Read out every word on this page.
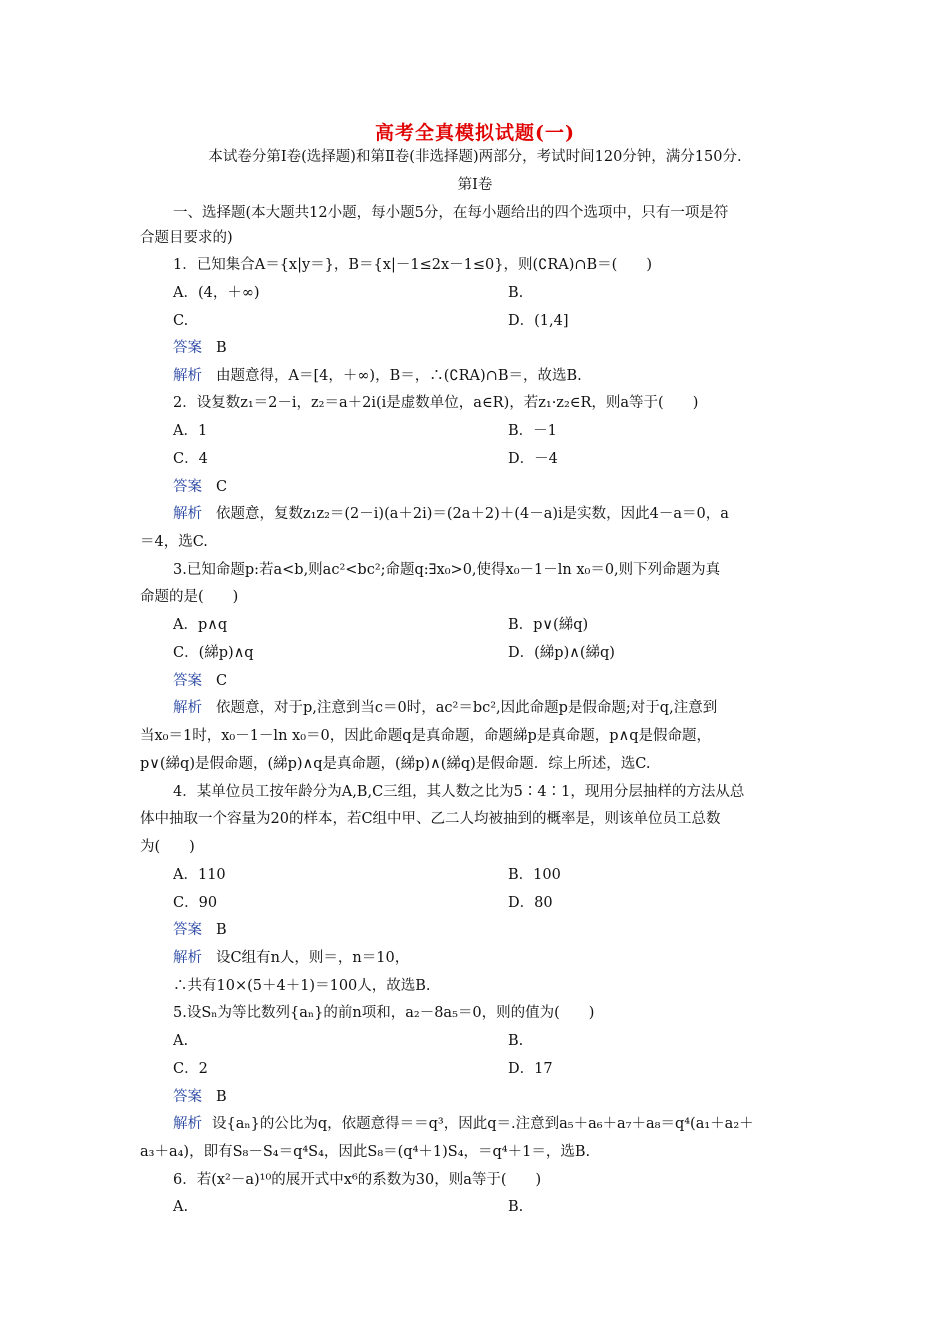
高考全真模拟试题(一)
本试卷分第Ⅰ卷(选择题)和第Ⅱ卷(非选择题)两部分，考试时间120分钟，满分150分.
第Ⅰ卷
一、选择题(本大题共12小题，每小题5分，在每小题给出的四个选项中，只有一项是符
合题目要求的)
1．已知集合A＝{x|y＝}，B＝{x|－1≤2x－1≤0}，则(∁RA)∩B＝(　　)
A．(4，＋∞)	B.
C.	D．(1,4]
答案 B
解析 由题意得，A＝[4，＋∞)，B＝，∴(∁RA)∩B＝，故选B.
2．设复数z₁＝2－i，z₂＝a＋2i(i是虚数单位，a∈R)，若z₁·z₂∈R，则a等于(　　)
A．1	B．－1
C．4	D．－4
答案 C
解析 依题意，复数z₁z₂＝(2－i)(a＋2i)＝(2a＋2)＋(4－a)i是实数，因此4－a＝0，a
＝4，选C.
3.已知命题p:若a<b,则ac²<bc²;命题q:∃x₀>0,使得x₀－1－ln x₀＝0,则下列命题为真
命题的是(　　)
A．p∧q	B．p∨(綈q)
C．(綈p)∧q	D．(綈p)∧(綈q)
答案 C
解析 依题意，对于p,注意到当c＝0时，ac²＝bc²,因此命题p是假命题;对于q,注意到
当x₀＝1时，x₀－1－ln x₀＝0，因此命题q是真命题，命题綈p是真命题，p∧q是假命题，
p∨(綈q)是假命题，(綈p)∧q是真命题，(綈p)∧(綈q)是假命题．综上所述，选C.
4．某单位员工按年龄分为A,B,C三组，其人数之比为5∶4∶1，现用分层抽样的方法从总
体中抽取一个容量为20的样本，若C组中甲、乙二人均被抽到的概率是，则该单位员工总数
为(　　)
A．110	B．100
C．90	D．80
答案 B
解析 设C组有n人，则＝，n＝10，
∴共有10×(5＋4＋1)＝100人，故选B.
5.设Sₙ为等比数列{aₙ}的前n项和，a₂－8a₅＝0，则的值为(　　)
A.	B.
C．2	D．17
答案 B
解析 设{aₙ}的公比为q，依题意得＝＝q³，因此q＝.注意到a₅＋a₆＋a₇＋a₈＝q⁴(a₁＋a₂＋
a₃＋a₄)，即有S₈－S₄＝q⁴S₄，因此S₈＝(q⁴＋1)S₄，＝q⁴＋1＝，选B.
6．若(x²－a)¹⁰的展开式中x⁶的系数为30，则a等于(　　)
A.	B.
